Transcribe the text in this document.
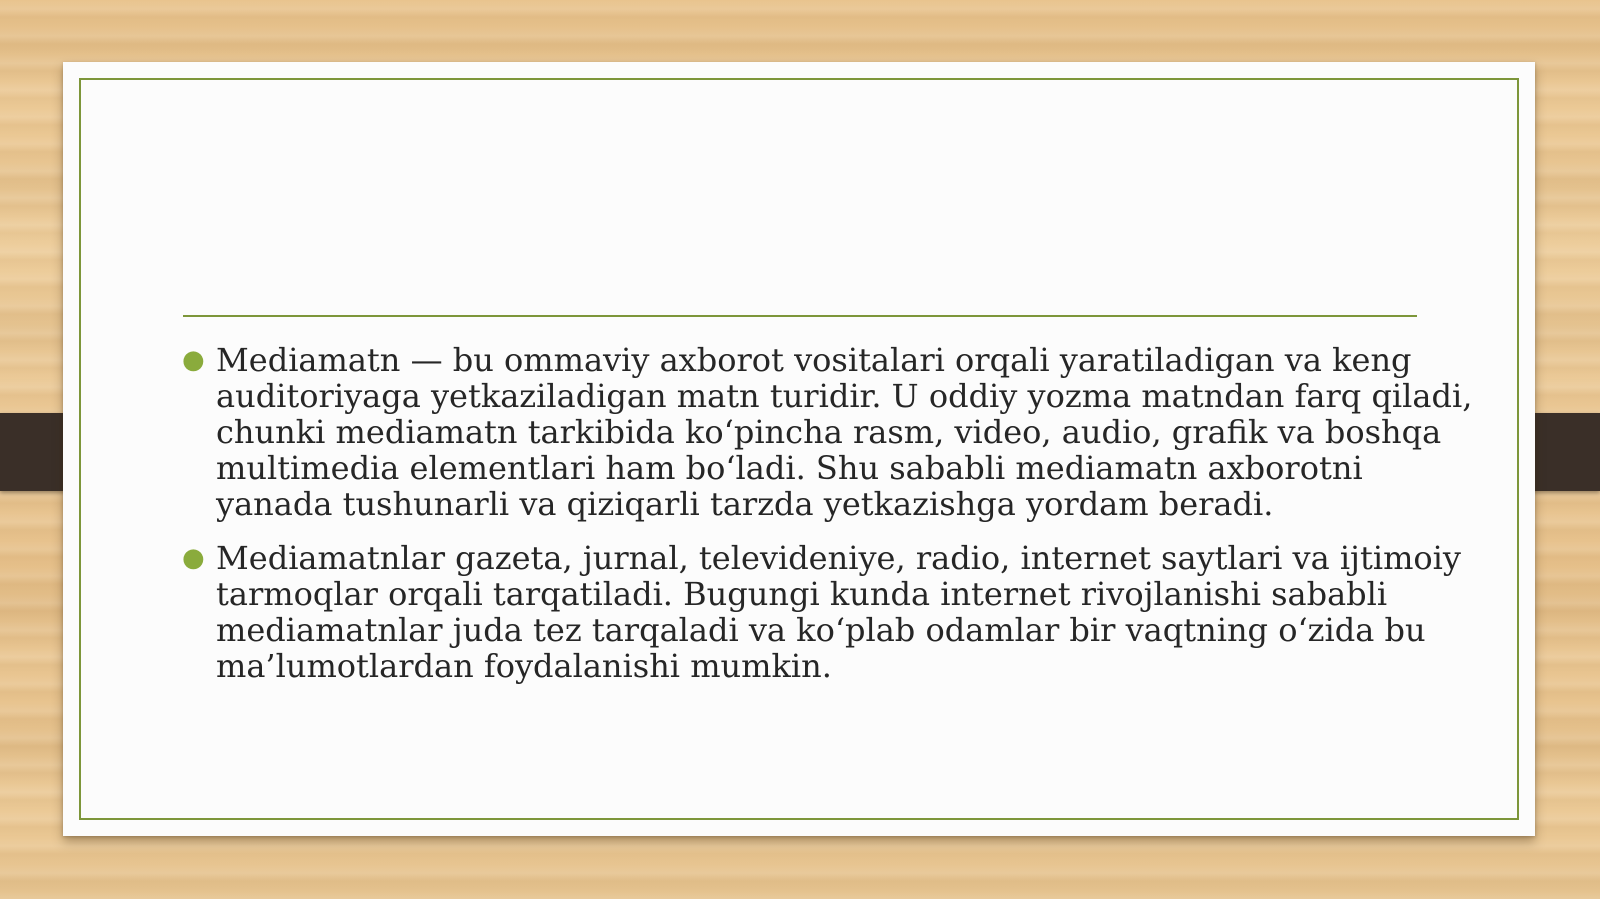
● Mediamatn — bu ommaviy axborot vositalari orqali yaratiladigan va keng auditoriyaga yetkaziladigan matn turidir. U oddiy yozma matndan farq qiladi, chunki mediamatn tarkibida ko‘pincha rasm, video, audio, grafik va boshqa multimedia elementlari ham bo‘ladi. Shu sababli mediamatn axborotni yanada tushunarli va qiziqarli tarzda yetkazishga yordam beradi.
● Mediamatnlar gazeta, jurnal, televideniye, radio, internet saytlari va ijtimoiy tarmoqlar orqali tarqatiladi. Bugungi kunda internet rivojlanishi sababli mediamatnlar juda tez tarqaladi va ko‘plab odamlar bir vaqtning o‘zida bu ma’lumotlardan foydalanishi mumkin.
